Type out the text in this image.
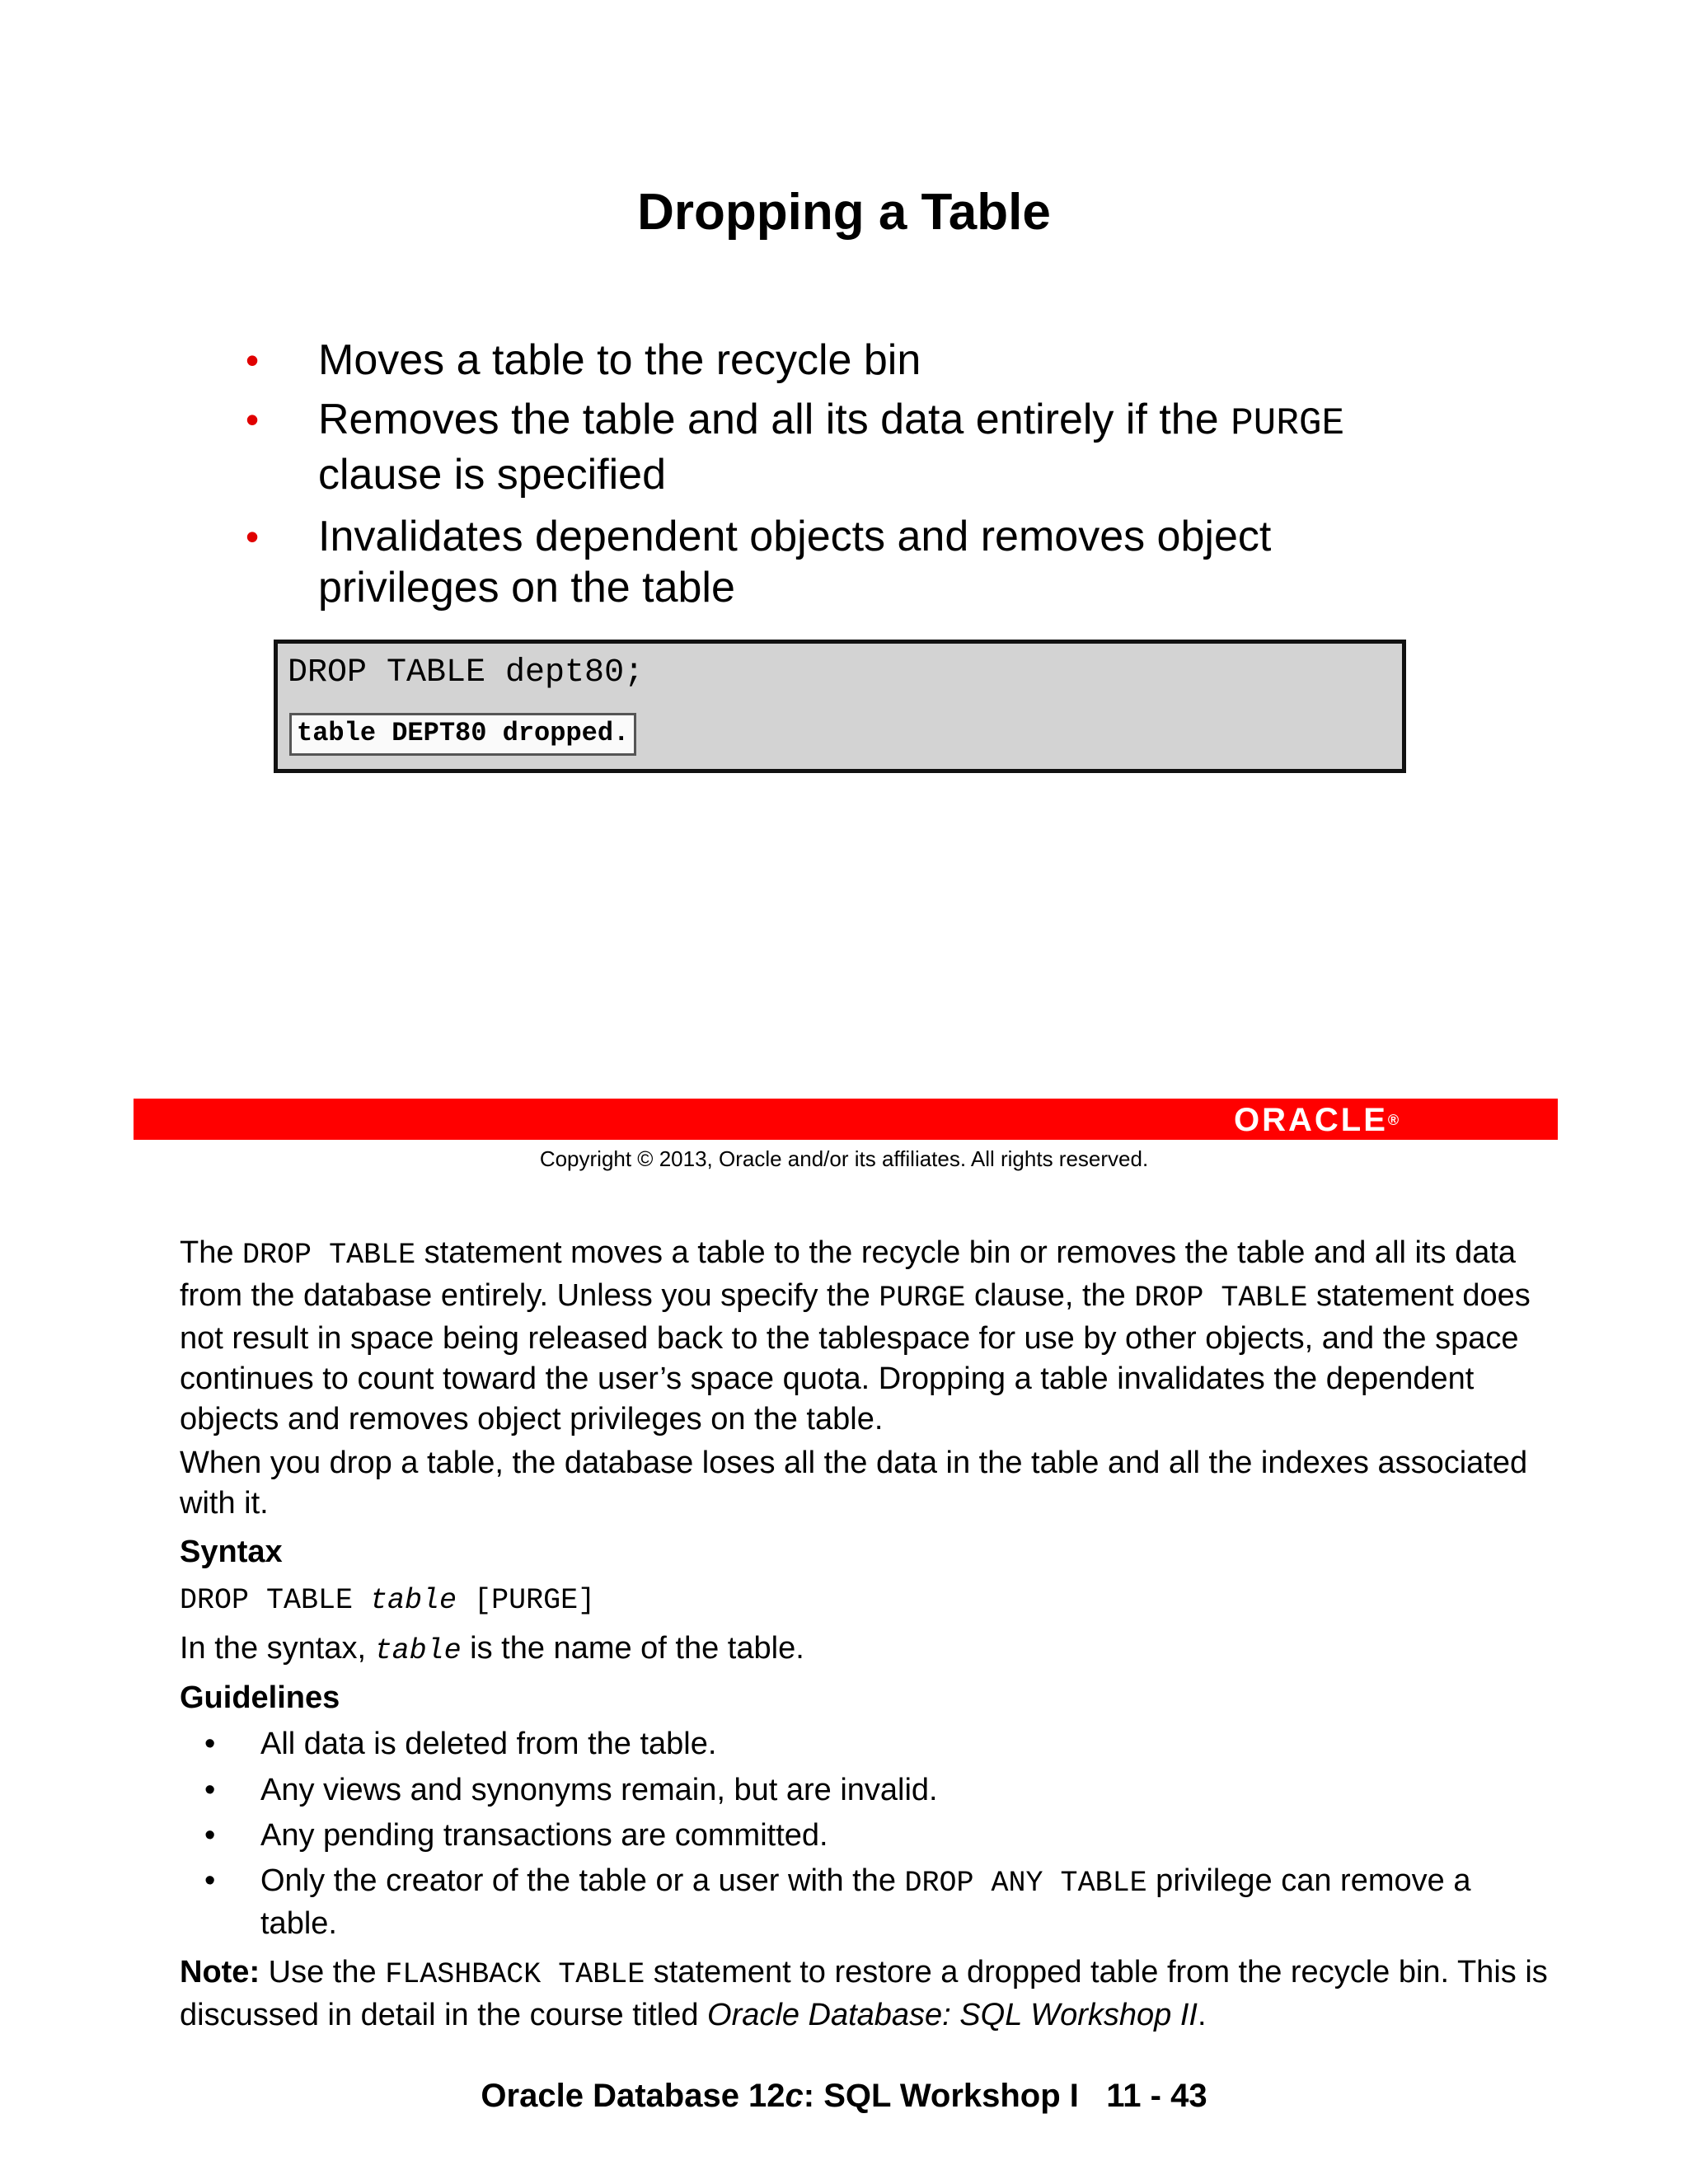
Dropping a Table
• Moves a table to the recycle bin
• Removes the table and all its data entirely if the PURGE
clause is specified
• Invalidates dependent objects and removes object
privileges on the table
DROP TABLE dept80;
table DEPT80 dropped.
ORACLE®
Copyright © 2013, Oracle and/or its affiliates. All rights reserved.
The DROP TABLE statement moves a table to the recycle bin or removes the table and all its data from the database entirely. Unless you specify the PURGE clause, the DROP TABLE statement does not result in space being released back to the tablespace for use by other objects, and the space continues to count toward the user’s space quota. Dropping a table invalidates the dependent objects and removes object privileges on the table.
When you drop a table, the database loses all the data in the table and all the indexes associated with it.
Syntax
DROP TABLE table [PURGE]
In the syntax, table is the name of the table.
Guidelines
• All data is deleted from the table.
• Any views and synonyms remain, but are invalid.
• Any pending transactions are committed.
• Only the creator of the table or a user with the DROP ANY TABLE privilege can remove a table.
Note: Use the FLASHBACK TABLE statement to restore a dropped table from the recycle bin. This is discussed in detail in the course titled Oracle Database: SQL Workshop II.
Oracle Database 12c: SQL Workshop I   11 - 43
